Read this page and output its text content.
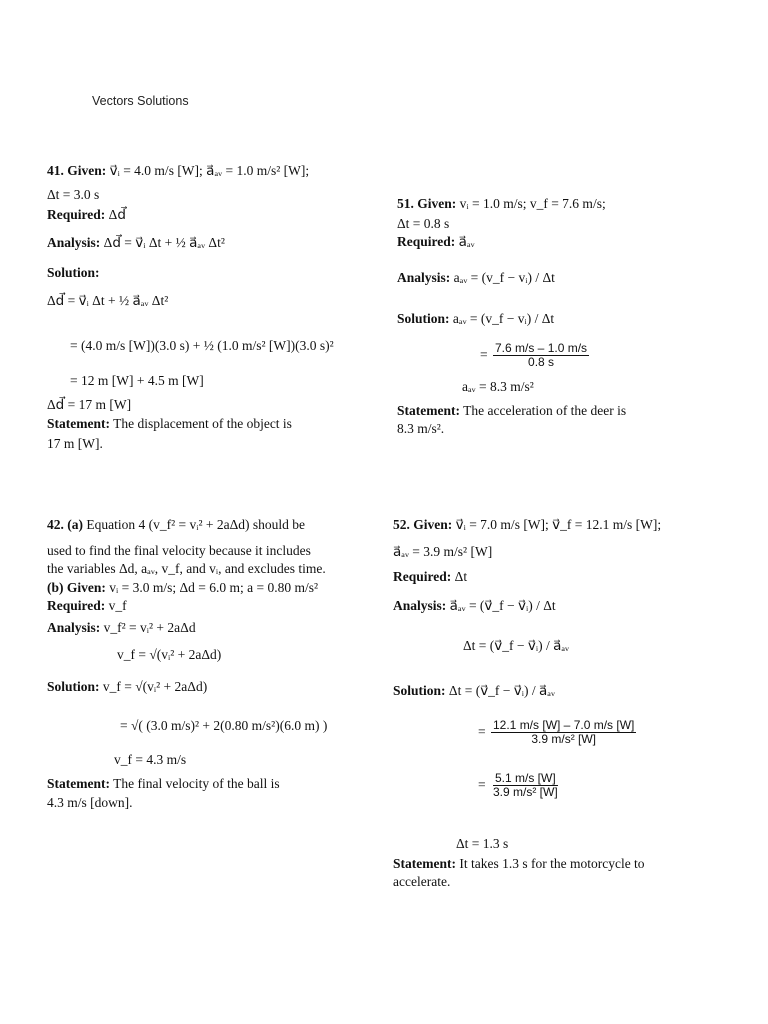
Vectors Solutions
41. Given: v⃗ᵢ = 4.0 m/s [W]; a⃗ₐᵥ = 1.0 m/s² [W];
Δt = 3.0 s
Required: Δd⃗
Analysis: Δd⃗ = v⃗ᵢ Δt + ½ a⃗ₐᵥ Δt²
Solution:
Δd⃗ = v⃗ᵢ Δt + ½ a⃗ₐᵥ Δt²
= (4.0 m/s [W])(3.0 s) + ½ (1.0 m/s² [W])(3.0 s)²
= 12 m [W] + 4.5 m [W]
Δd⃗ = 17 m [W]
Statement: The displacement of the object is
17 m [W].
51. Given: vᵢ = 1.0 m/s; v_f = 7.6 m/s;
Δt = 0.8 s
Required: a⃗ₐᵥ
Analysis: aₐᵥ = (v_f − vᵢ) / Δt
Solution: aₐᵥ = (v_f − vᵢ) / Δt
= $\frac{7.6 m/s - 1.0 m/s}{0.8 s}$
aₐᵥ = 8.3 m/s²
Statement: The acceleration of the deer is
8.3 m/s².
42. (a) Equation 4 (v_f² = vᵢ² + 2aΔd) should be
used to find the final velocity because it includes
the variables Δd, aₐᵥ, v_f, and vᵢ, and excludes time.
(b) Given: vᵢ = 3.0 m/s; Δd = 6.0 m; a = 0.80 m/s²
Required: v_f
Analysis: v_f² = vᵢ² + 2aΔd
v_f = √(vᵢ² + 2aΔd)
Solution: v_f = √(vᵢ² + 2aΔd)
= √( (3.0 m/s)² + 2(0.80 m/s²)(6.0 m) )
v_f = 4.3 m/s
Statement: The final velocity of the ball is
4.3 m/s [down].
52. Given: v⃗ᵢ = 7.0 m/s [W]; v⃗_f = 12.1 m/s [W];
a⃗ₐᵥ = 3.9 m/s² [W]
Required: Δt
Analysis: a⃗ₐᵥ = (v⃗_f − v⃗ᵢ) / Δt
Δt = (v⃗_f − v⃗ᵢ) / a⃗ₐᵥ
Solution: Δt = (v⃗_f − v⃗ᵢ) / a⃗ₐᵥ
= $\frac{12.1 m/s [W] - 7.0 m/s [W]}{\text{3.9 m/s² [W]}}$
= $\frac{5.1 m/s [W]}{\text{3.9 m/s² [W]}}$
Δt = 1.3 s
Statement: It takes 1.3 s for the motorcycle to
accelerate.
